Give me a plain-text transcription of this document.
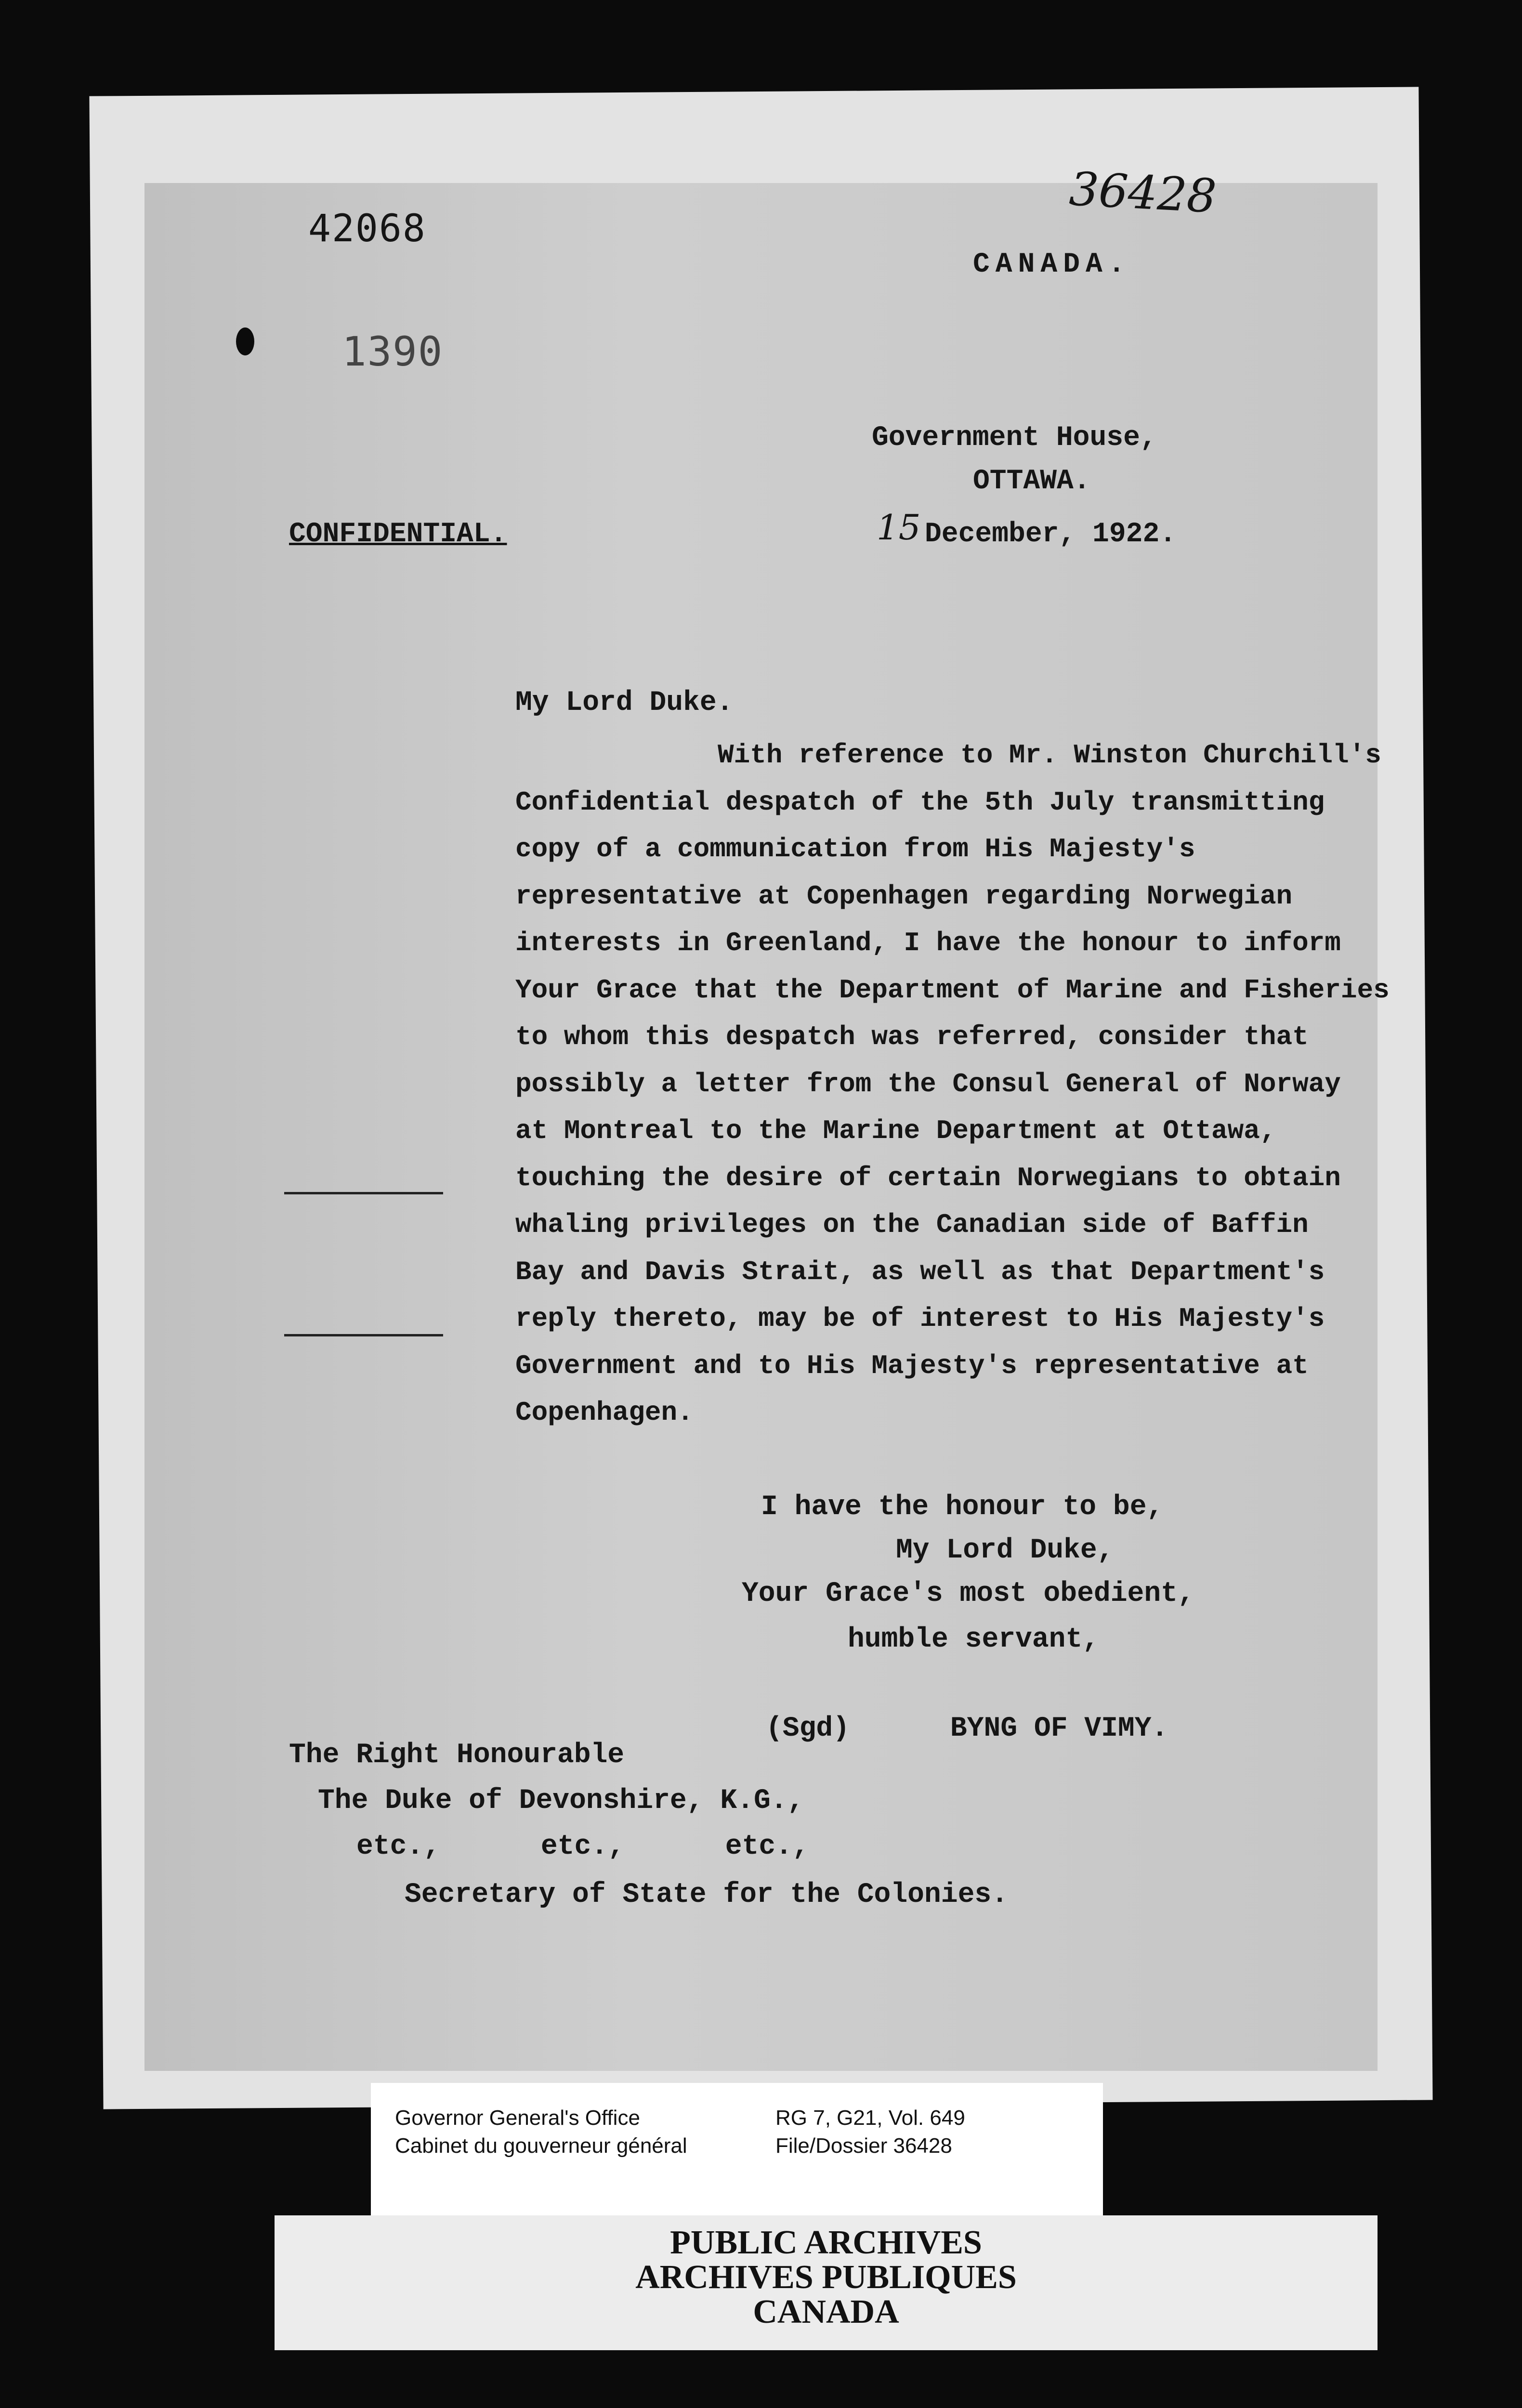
42068
36428
1390
CANADA.
Government House,
OTTAWA.
CONFIDENTIAL.	15 December, 1922.
My Lord Duke.
With reference to Mr. Winston Churchill's
Confidential despatch of the 5th July transmitting
copy of a communication from His Majesty's
representative at Copenhagen regarding Norwegian
interests in Greenland, I have the honour to inform
Your Grace that the Department of Marine and Fisheries
to whom this despatch was referred, consider that
possibly a letter from the Consul General of Norway
at Montreal to the Marine Department at Ottawa,
touching the desire of certain Norwegians to obtain
whaling privileges on the Canadian side of Baffin
Bay and Davis Strait, as well as that Department's
reply thereto, may be of interest to His Majesty's
Government and to His Majesty's representative at
Copenhagen.
I have the honour to be,
My Lord Duke,
Your Grace's most obedient,
humble servant,
(Sgd)      BYNG OF VIMY.
The Right Honourable
The Duke of Devonshire, K.G.,
etc.,      etc.,      etc.,
Secretary of State for the Colonies.
Governor General's Office
Cabinet du gouverneur général
RG 7, G21, Vol. 649
File/Dossier 36428
PUBLIC ARCHIVES
ARCHIVES PUBLIQUES
CANADA
